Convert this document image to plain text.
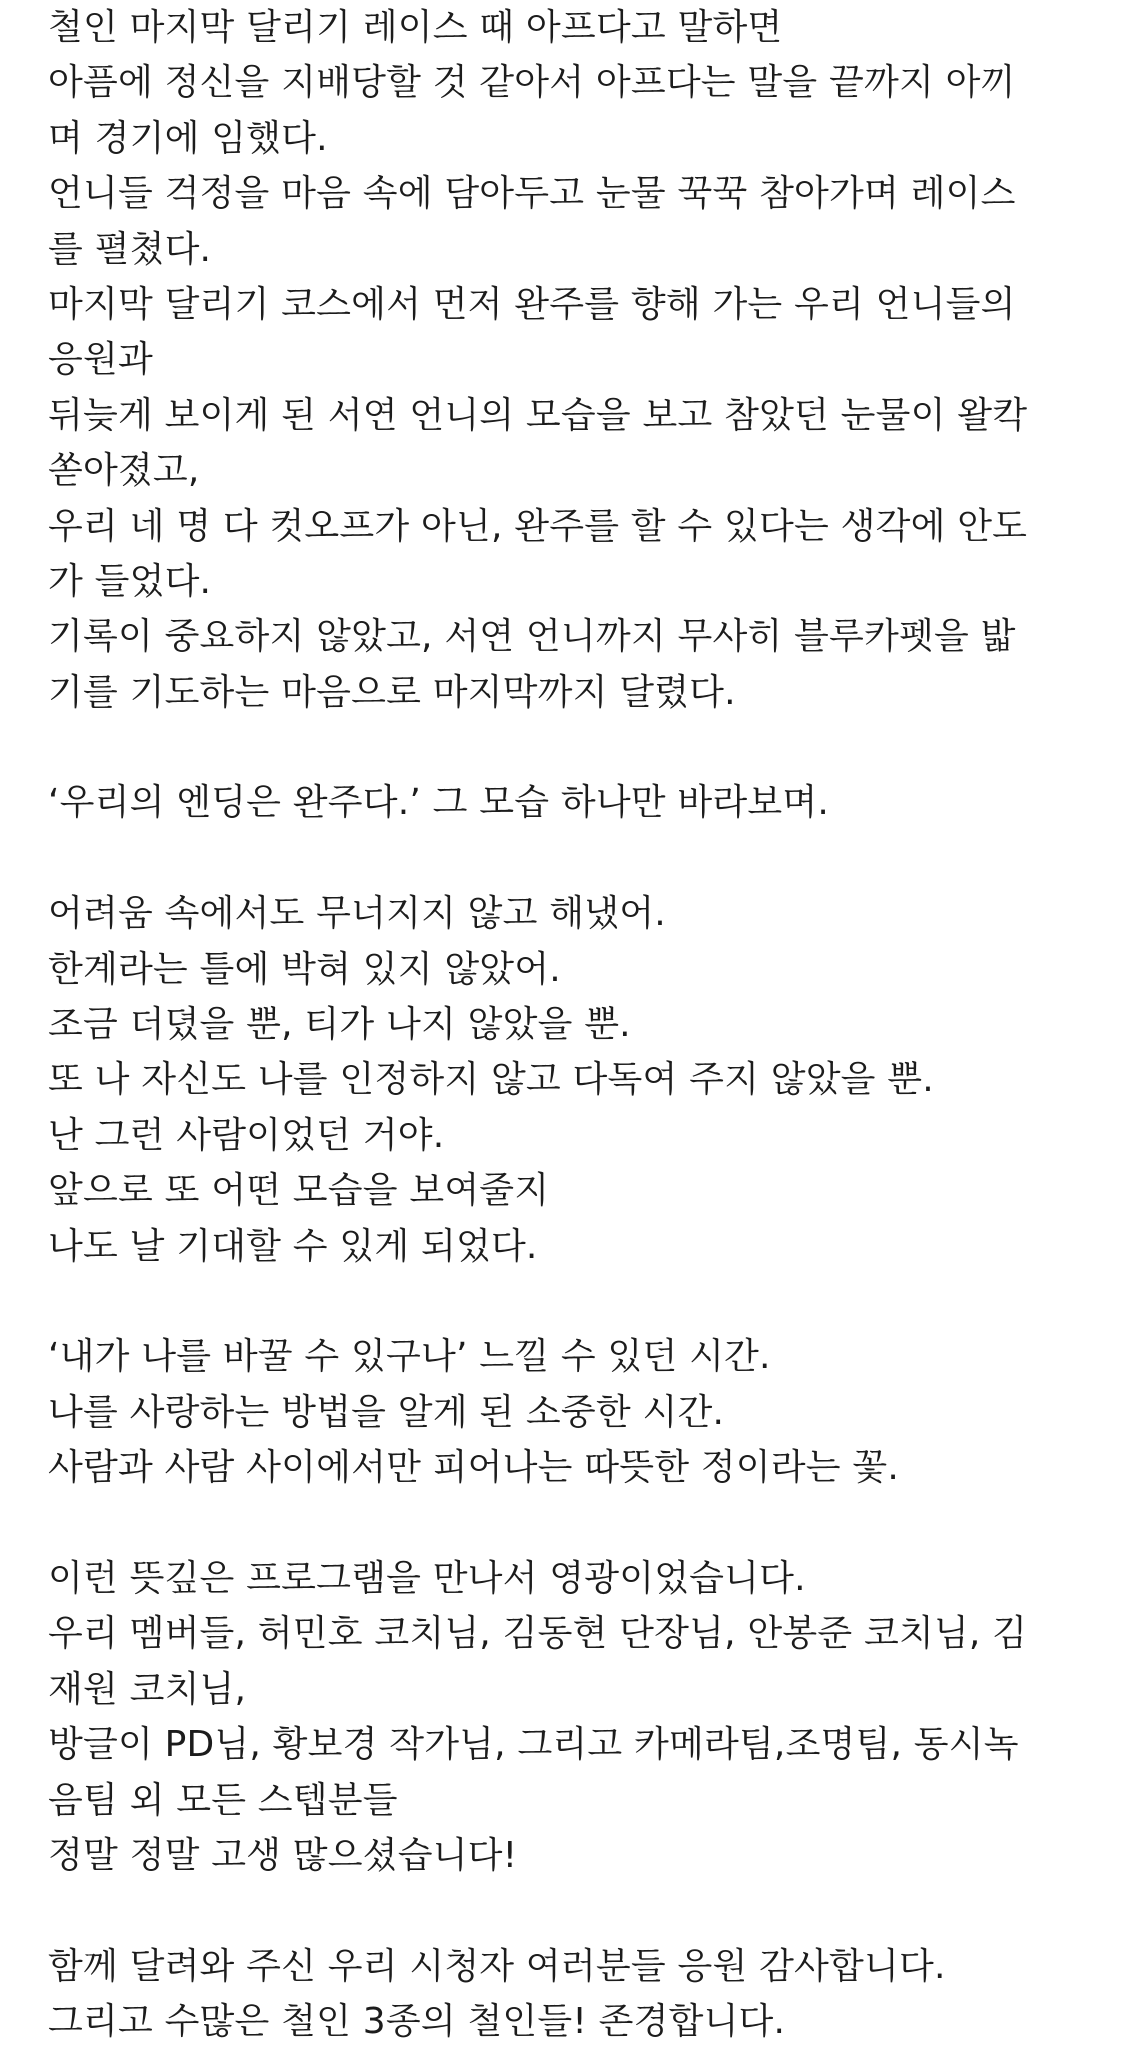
철인 마지막 달리기 레이스 때 아프다고 말하면
아픔에 정신을 지배당할 것 같아서 아프다는 말을 끝까지 아끼
며 경기에 임했다.
언니들 걱정을 마음 속에 담아두고 눈물 꾹꾹 참아가며 레이스
를 펼쳤다.
마지막 달리기 코스에서 먼저 완주를 향해 가는 우리 언니들의
응원과
뒤늦게 보이게 된 서연 언니의 모습을 보고 참았던 눈물이 왈칵
쏟아졌고,
우리 네 명 다 컷오프가 아닌, 완주를 할 수 있다는 생각에 안도
가 들었다.
기록이 중요하지 않았고, 서연 언니까지 무사히 블루카펫을 밟
기를 기도하는 마음으로 마지막까지 달렸다.
‘우리의 엔딩은 완주다.’ 그 모습 하나만 바라보며.
어려움 속에서도 무너지지 않고 해냈어.
한계라는 틀에 박혀 있지 않았어.
조금 더뎠을 뿐, 티가 나지 않았을 뿐.
또 나 자신도 나를 인정하지 않고 다독여 주지 않았을 뿐.
난 그런 사람이었던 거야.
앞으로 또 어떤 모습을 보여줄지
나도 날 기대할 수 있게 되었다.
‘내가 나를 바꿀 수 있구나’ 느낄 수 있던 시간.
나를 사랑하는 방법을 알게 된 소중한 시간.
사람과 사람 사이에서만 피어나는 따뜻한 정이라는 꽃.
이런 뜻깊은 프로그램을 만나서 영광이었습니다.
우리 멤버들, 허민호 코치님, 김동현 단장님, 안봉준 코치님, 김
재원 코치님,
방글이 PD님, 황보경 작가님, 그리고 카메라팀,조명팀, 동시녹
음팀 외 모든 스텝분들
정말 정말 고생 많으셨습니다!
함께 달려와 주신 우리 시청자 여러분들 응원 감사합니다.
그리고 수많은 철인 3종의 철인들! 존경합니다.
